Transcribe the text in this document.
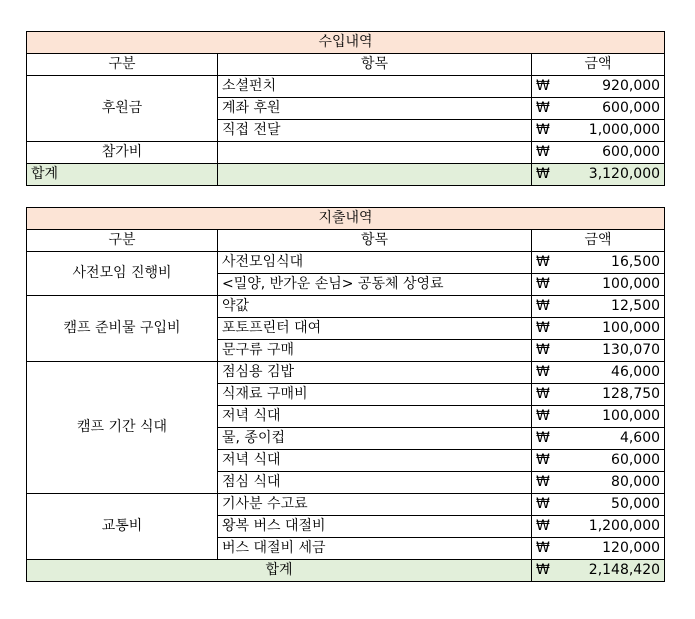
수입내역			
구분	항목	금액	
후원금	소셜펀치	₩	920,000
	계좌 후원	₩	600,000
	직접 전달	₩	1,000,000
참가비		₩	600,000
합계		₩	3,120,000
지출내역			
구분	항목	금액	
사전모임 진행비	사전모임식대	₩	16,500
	<밀양, 반가운 손님> 공동체 상영료	₩	100,000
캠프 준비물 구입비	약값	₩	12,500
	포토프린터 대여	₩	100,000
	문구류 구매	₩	130,070
캠프 기간 식대	점심용 김밥	₩	46,000
	식재료 구매비	₩	128,750
	저녁 식대	₩	100,000
	물, 종이컵	₩	4,600
	저녁 식대	₩	60,000
	점심 식대	₩	80,000
교통비	기사분 수고료	₩	50,000
	왕복 버스 대절비	₩	1,200,000
	버스 대절비 세금	₩	120,000
합계		₩	2,148,420
